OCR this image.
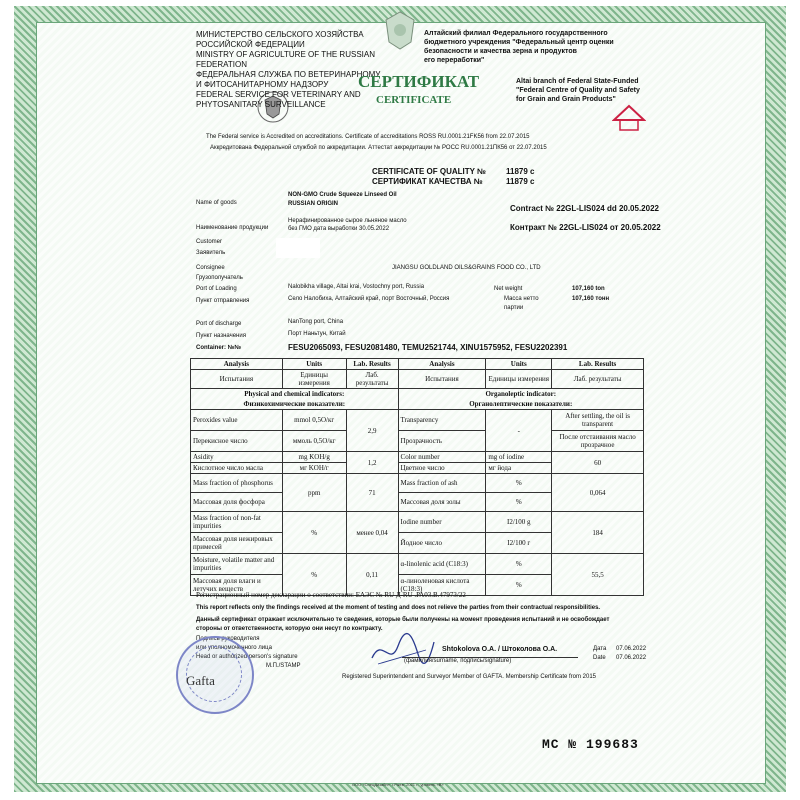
МИНИСТЕРСТВО СЕЛЬСКОГО ХОЗЯЙСТВА
РОССИЙСКОЙ ФЕДЕРАЦИИ
MINISTRY OF AGRICULTURE OF THE RUSSIAN
FEDERATION
ФЕДЕРАЛЬНАЯ СЛУЖБА ПО ВЕТЕРИНАРНОМУ
И ФИТОСАНИТАРНОМУ НАДЗОРУ
FEDERAL SERVICE FOR VETERINARY AND
PHYTOSANITARY SURVEILLANCE
Алтайский филиал Федерального государственного
бюджетного учреждения "Федеральный центр оценки
безопасности и качества зерна и продуктов
его переработки"
Altai branch of Federal State-Funded
"Federal Centre of Quality and Safety
for Grain and Grain Products"
СЕРТИФИКАТ
CERTIFICATE
The Federal service is Accredited on accreditations. Certificate of accreditations ROSS RU.0001.21FK56 from 22.07.2015
Аккредитована Федеральной службой по аккредитации. Аттестат аккредитации № РОСС RU.0001.21ПК56 от 22.07.2015
CERTIFICATE OF QUALITY №
СЕРТИФИКАТ КАЧЕСТВА №
11879 с
11879 с
Name of goods
NON-GMO Crude Squeeze Linseed Oil
RUSSIAN ORIGIN	Contract № 22GL-LIS024 dd 20.05.2022
Наименование продукции
Нерафинированное сырое льняное масло
без ГМО дата выработки 30.05.2022	Контракт № 22GL-LIS024 от 20.05.2022
Customer
Заявитель
Consignee
Грузополучатель
JIANGSU GOLDLAND OILS&GRAINS FOOD CO., LTD
Port of Loading	Nalobikha village, Altai krai, Vostochny port, Russia	Net weight	107,160 ton
Пункт отправления	Село Налобиха, Алтайский край, порт Восточный, Россия	Масса нетто
партии
107,160 тонн
Port of discharge	NanTong port, China
Пункт назначения	Порт Наньтун, Китай
Container: №№	FESU2065093, FESU2081480, TEMU2521744, XINU1575952, FESU2202391
Analysis	Units	Lab. Results	Analysis	Units	Lab. Results
Испытания	Единицы измерения	Лаб. результаты	Испытания	Единицы измерения	Лаб. результаты
Physical and chemical indicators:			Organoleptic indicator:		
Физикохимические показатели:			Органолептические показатели:		
Peroxides value	mmol 0,5O/кг	2,9	Transparency	-	After settling, the oil is transparent
Перекисное число	ммоль 0,5O/кг		Прозрачность		После отстаивания масло прозрачное
Asidity	mg KOH/g	1,2	Color number	mg of iodine	60
Кислотное число масла	мг KOH/г		Цветное число	мг йода	
Mass fraction of phosphorus	ppm	71	Mass fraction of ash	%	0,064
Массовая доля фосфора			Массовая доля золы	%	
Mass fraction of non-fat impurities	%	менее 0,04	Iodine number	I2/100 g	184
Массовая доля нежировых примесей			Йодное число	I2/100 г	
Moisture, volatile matter and impurities	%	0,11	α-linolenic acid (C18:3)	%	55,5
Массовая доля влаги и летучих веществ			α-линоленовая кислота (C18:3)	%	
Регистрационный номер декларации о соответствии: ЕАЭС № RU Д-RU .РА03.В.47973/22
This report reflects only the findings received at the moment of testing and does not relieve the parties from their contractual responsibilities.
Данный сертификат отражает исключительно те сведения, которые были получены на момент проведения испытаний и не освобождает
стороны от ответственности, которую они несут по контракту.
Подпись руководителя
или уполномоченного лица
Head or authorized person's signature
М.П./STAMP
Shtokolova O.A. / Штоколова О.А.
(фамилия/surname, подпись/signature)
Дата 07.06.2022
Date 07.06.2022
Registered Superintendent and Surveyor Member of GAFTA. Membership Certificate from 2015
Gafta
МС № 199683
ООО «СпецДизайн», г.Ржев, 2021 г., уровень «В»
